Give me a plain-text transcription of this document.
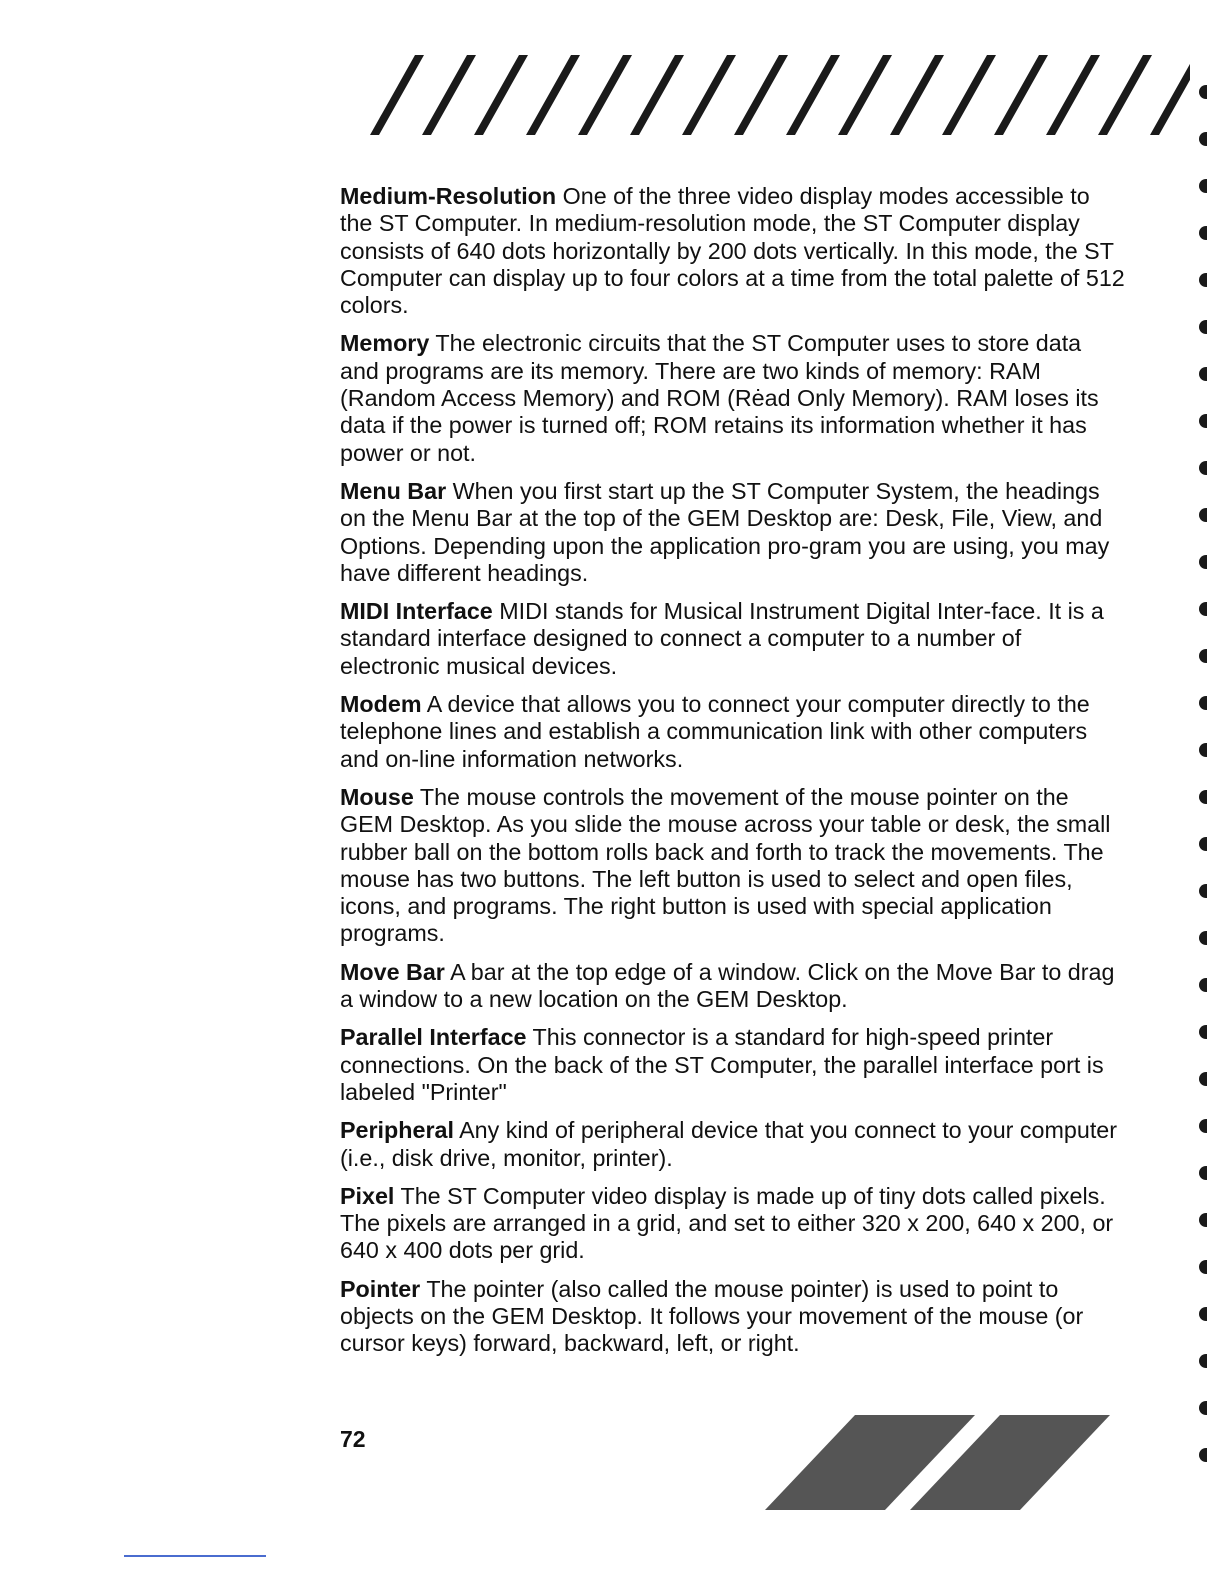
Medium-Resolution One of the three video display modes accessible to the ST Computer. In medium-resolution mode, the ST Computer display consists of 640 dots horizontally by 200 dots vertically. In this mode, the ST Computer can display up to four colors at a time from the total palette of 512 colors.

Memory The electronic circuits that the ST Computer uses to store data and programs are its memory. There are two kinds of memory: RAM (Random Access Memory) and ROM (Rėad Only Memory). RAM loses its data if the power is turned off; ROM retains its information whether it has power or not.

Menu Bar When you first start up the ST Computer System, the headings on the Menu Bar at the top of the GEM Desktop are: Desk, File, View, and Options. Depending upon the application pro-gram you are using, you may have different headings.

MIDI Interface MIDI stands for Musical Instrument Digital Inter-face. It is a standard interface designed to connect a computer to a number of electronic musical devices.

Modem A device that allows you to connect your computer directly to the telephone lines and establish a communication link with other computers and on-line information networks.

Mouse The mouse controls the movement of the mouse pointer on the GEM Desktop. As you slide the mouse across your table or desk, the small rubber ball on the bottom rolls back and forth to track the movements. The mouse has two buttons. The left button is used to select and open files, icons, and programs. The right button is used with special application programs.

Move Bar A bar at the top edge of a window. Click on the Move Bar to drag a window to a new location on the GEM Desktop.

Parallel Interface This connector is a standard for high-speed printer connections. On the back of the ST Computer, the parallel interface port is labeled "Printer"

Peripheral Any kind of peripheral device that you connect to your computer (i.e., disk drive, monitor, printer).

Pixel The ST Computer video display is made up of tiny dots called pixels. The pixels are arranged in a grid, and set to either 320 x 200, 640 x 200, or 640 x 400 dots per grid.

Pointer The pointer (also called the mouse pointer) is used to point to objects on the GEM Desktop. It follows your movement of the mouse (or cursor keys) forward, backward, left, or right.

72
